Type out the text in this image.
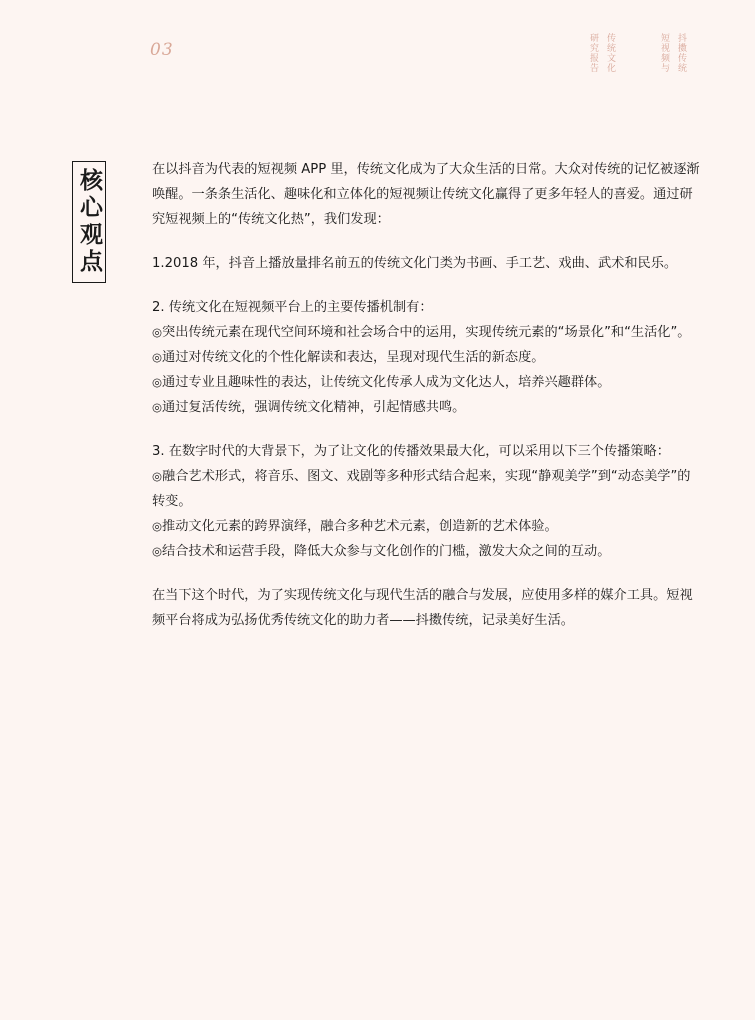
03	抖擞传统
短视频与
传统文化
研究报告
核心观点	在以抖音为代表的短视频 APP 里，传统文化成为了大众生活的日常。大众对传统的记忆被逐渐唤醒。一条条生活化、趣味化和立体化的短视频让传统文化赢得了更多年轻人的喜爱。通过研究短视频上的“传统文化热”，我们发现：

1.2018 年，抖音上播放量排名前五的传统文化门类为书画、手工艺、戏曲、武术和民乐。

2. 传统文化在短视频平台上的主要传播机制有：

◎突出传统元素在现代空间环境和社会场合中的运用，实现传统元素的“场景化”和“生活化”。

◎通过对传统文化的个性化解读和表达，呈现对现代生活的新态度。

◎通过专业且趣味性的表达，让传统文化传承人成为文化达人，培养兴趣群体。

◎通过复活传统，强调传统文化精神，引起情感共鸣。

3. 在数字时代的大背景下，为了让文化的传播效果最大化，可以采用以下三个传播策略：

◎融合艺术形式，将音乐、图文、戏剧等多种形式结合起来，实现“静观美学”到“动态美学”的转变。

◎推动文化元素的跨界演绎，融合多种艺术元素，创造新的艺术体验。

◎结合技术和运营手段，降低大众参与文化创作的门槛，激发大众之间的互动。

在当下这个时代，为了实现传统文化与现代生活的融合与发展，应使用多样的媒介工具。短视频平台将成为弘扬优秀传统文化的助力者——抖擞传统，记录美好生活。
